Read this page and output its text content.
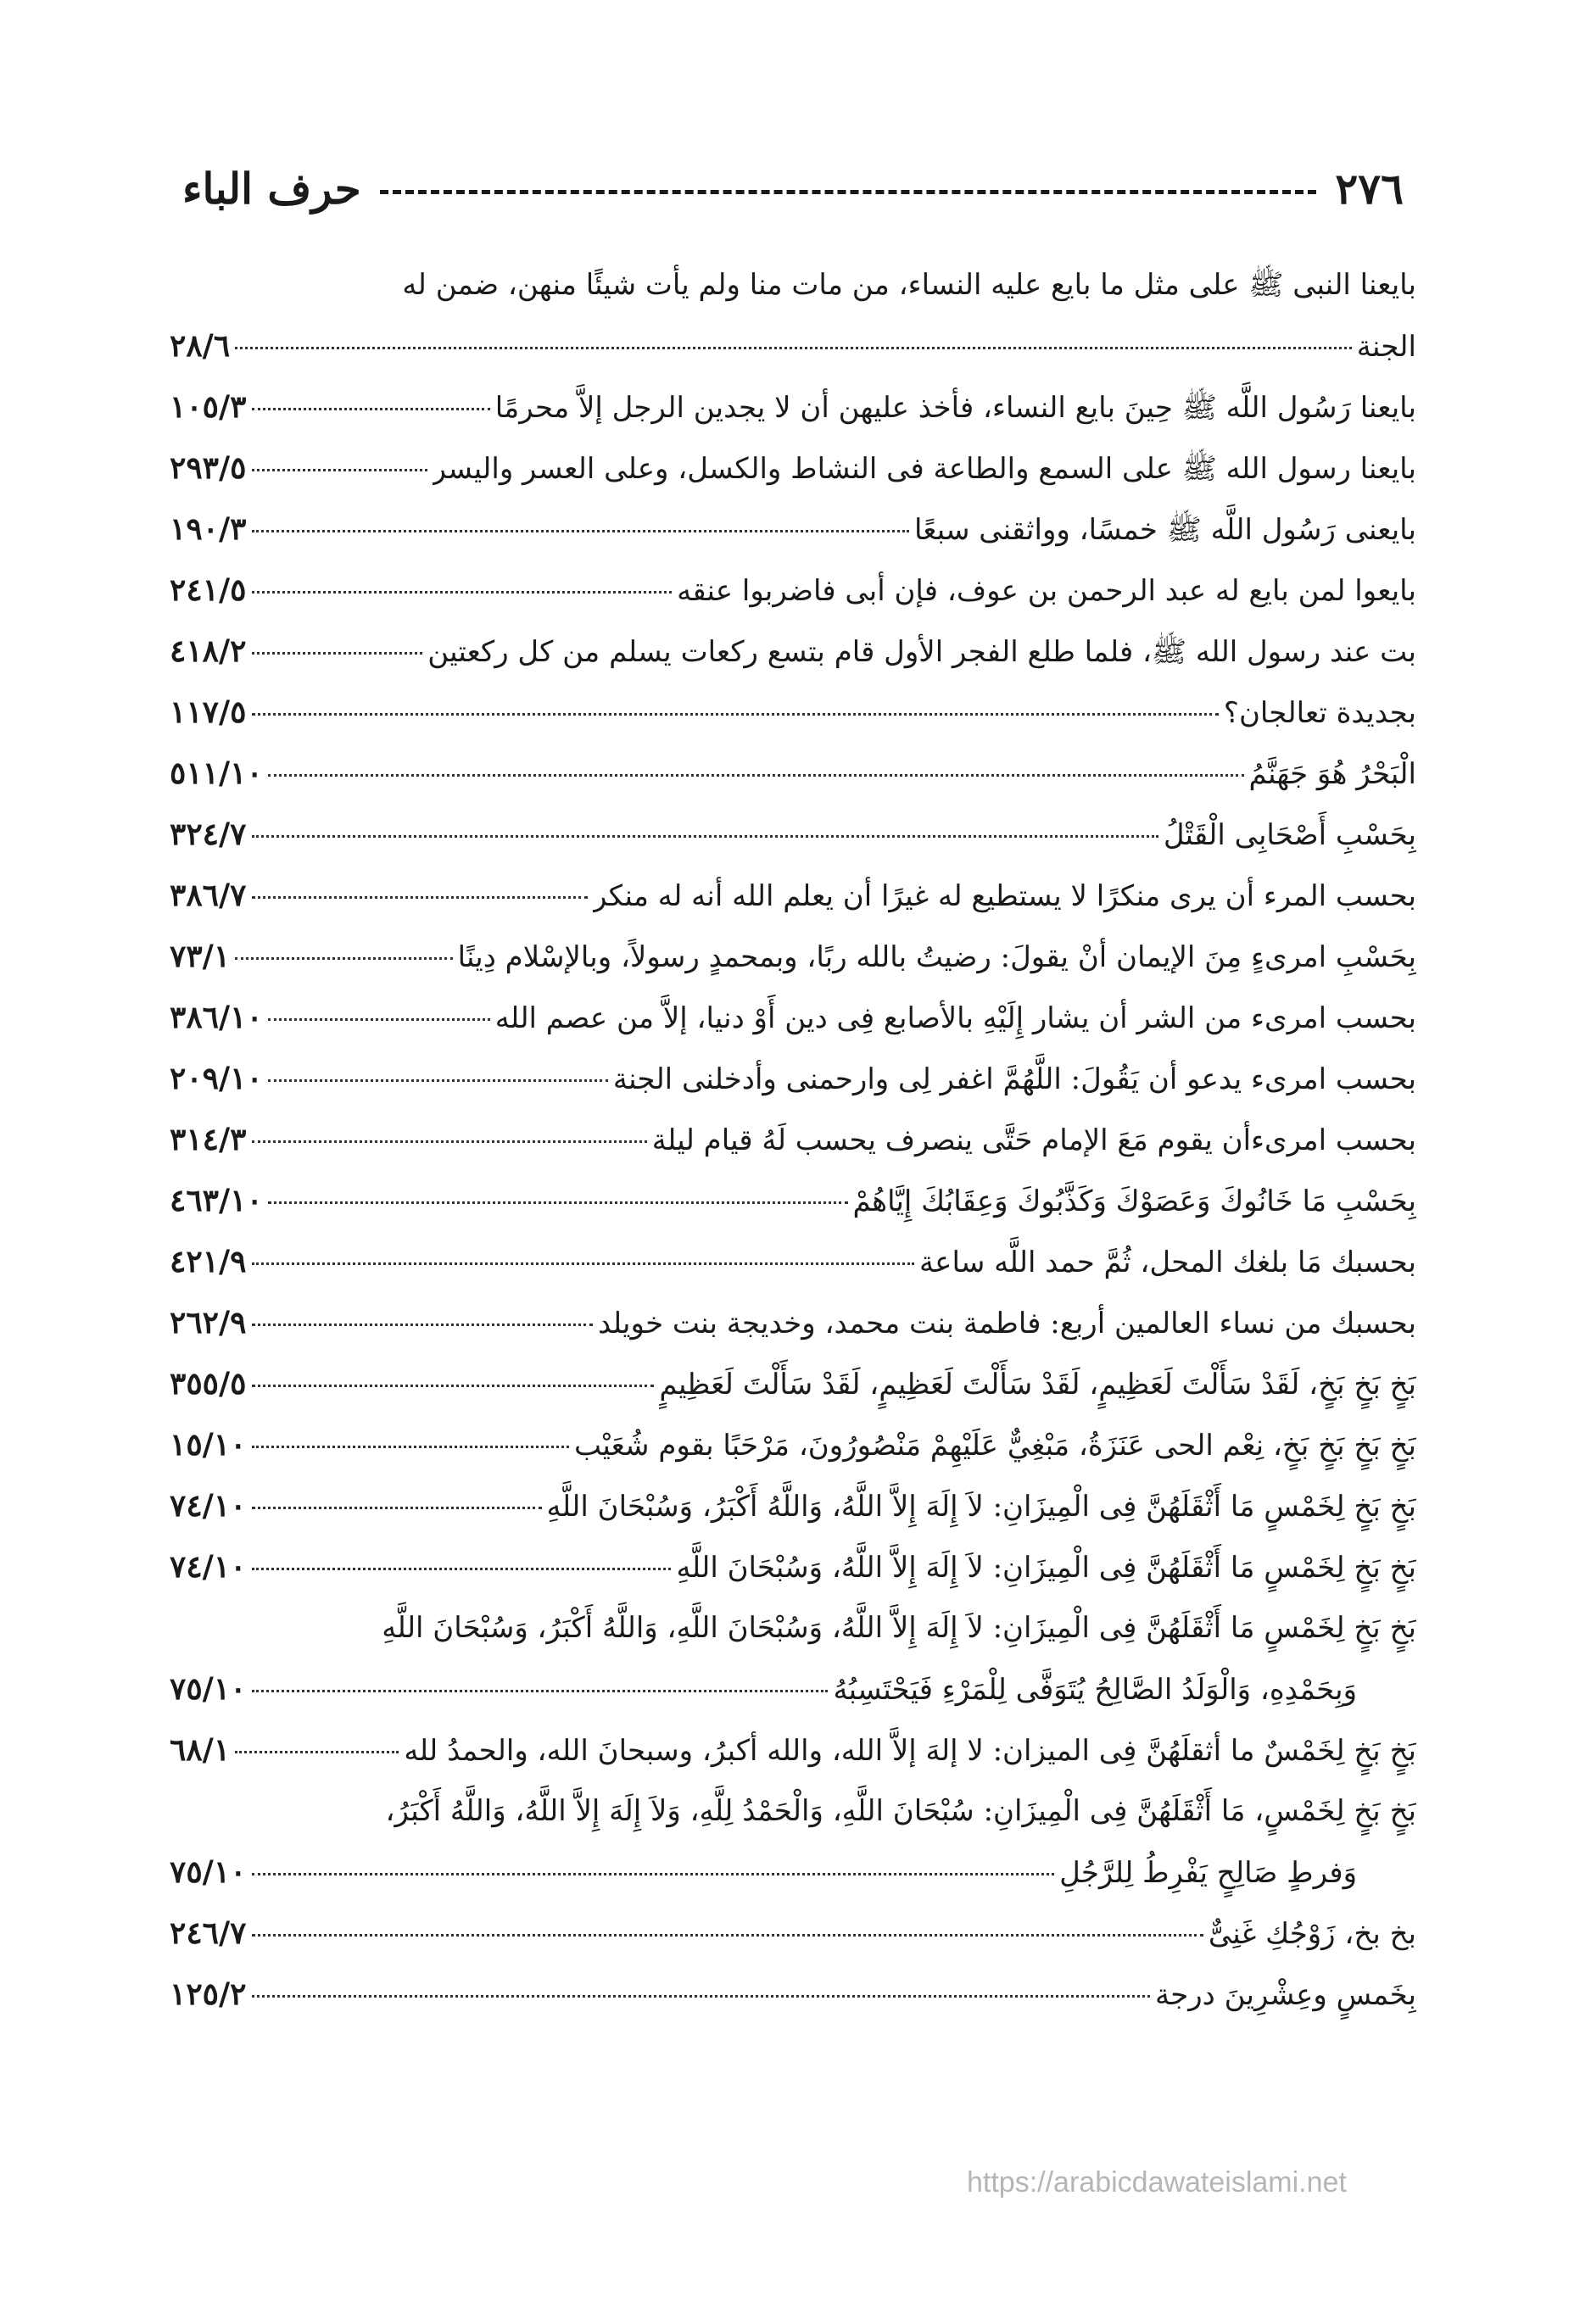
٢٧٦
حرف الباء
بايعنا النبى ﷺ على مثل ما بايع عليه النساء، من مات منا ولم يأت شيئًا منهن، ضمن له
الجنة
٢٨/٦
بايعنا رَسُول اللَّه ﷺ حِينَ بايع النساء، فأخذ عليهن أن لا يجدين الرجل إلاَّ محرمًا
١٠٥/٣
بايعنا رسول الله ﷺ على السمع والطاعة فى النشاط والكسل، وعلى العسر واليسر
٢٩٣/٥
بايعنى رَسُول اللَّه ﷺ خمسًا، وواثقنى سبعًا
١٩٠/٣
بايعوا لمن بايع له عبد الرحمن بن عوف، فإن أبى فاضربوا عنقه
٢٤١/٥
بت عند رسول الله ﷺ، فلما طلع الفجر الأول قام بتسع ركعات يسلم من كل ركعتين
٤١٨/٢
بجديدة تعالجان؟
١١٧/٥
الْبَحْرُ هُوَ جَهَنَّمُ
٥١١/١٠
بِحَسْبِ أَصْحَابِى الْقَتْلُ
٣٢٤/٧
بحسب المرء أن يرى منكرًا لا يستطيع له غيرًا أن يعلم الله أنه له منكر
٣٨٦/٧
بِحَسْبِ امرىءٍ مِنَ الإيمان أنْ يقولَ: رضيتُ بالله ربًا، وبمحمدٍ رسولاً، وبالإسْلام دِينًا
٧٣/١
بحسب امرىء من الشر أن يشار إِلَيْهِ بالأصابع فِى دين أَوْ دنيا، إلاَّ من عصم الله
٣٨٦/١٠
بحسب امرىء يدعو أن يَقُولَ: اللَّهُمَّ اغفر لِى وارحمنى وأدخلنى الجنة
٢٠٩/١٠
بحسب امرىءأن يقوم مَعَ الإمام حَتَّى ينصرف يحسب لَهُ قيام ليلة
٣١٤/٣
بِحَسْبِ مَا خَانُوكَ وَعَصَوْكَ وَكَذَّبُوكَ وَعِقَابُكَ إِيَّاهُمْ
٤٦٣/١٠
بحسبك مَا بلغك المحل، ثُمَّ حمد اللَّه ساعة
٤٢١/٩
بحسبك من نساء العالمين أربع: فاطمة بنت محمد، وخديجة بنت خويلد
٢٦٢/٩
بَخٍ بَخٍ بَخٍ، لَقَدْ سَأَلْتَ لَعَظِيمٍ، لَقَدْ سَأَلْتَ لَعَظِيمٍ، لَقَدْ سَأَلْتَ لَعَظِيمٍ
٣٥٥/٥
بَخٍ بَخٍ بَخٍ بَخٍ، نِعْم الحى عَنَزَةُ، مَبْغِيٌّ عَلَيْهِمْ مَنْصُورُونَ، مَرْحَبًا بقوم شُعَيْب
١٥/١٠
بَخٍ بَخٍ لِخَمْسٍ مَا أَثْقَلَهُنَّ فِى الْمِيزَانِ: لاَ إِلَهَ إِلاَّ اللَّهُ، وَاللَّهُ أَكْبَرُ، وَسُبْحَانَ اللَّهِ
٧٤/١٠
بَخٍ بَخٍ لِخَمْسٍ مَا أَثْقَلَهُنَّ فِى الْمِيزَانِ: لاَ إِلَهَ إِلاَّ اللَّهُ، وَسُبْحَانَ اللَّهِ
٧٤/١٠
بَخٍ بَخٍ لِخَمْسٍ مَا أَثْقَلَهُنَّ فِى الْمِيزَانِ: لاَ إِلَهَ إِلاَّ اللَّهُ، وَسُبْحَانَ اللَّهِ، وَاللَّهُ أَكْبَرُ، وَسُبْحَانَ اللَّهِ
وَبِحَمْدِهِ، وَالْوَلَدُ الصَّالِحُ يُتَوَفَّى لِلْمَرْءِ فَيَحْتَسِبُهُ
٧٥/١٠
بَخٍ بَخٍ لِخَمْسٌ ما أثقلَهُنَّ فِى الميزان: لا إلهَ إلاَّ الله، والله أكبرُ، وسبحانَ الله، والحمدُ لله
٦٨/١
بَخٍ بَخٍ لِخَمْسٍ، مَا أَثْقَلَهُنَّ فِى الْمِيزَانِ: سُبْحَانَ اللَّهِ، وَالْحَمْدُ لِلَّهِ، وَلاَ إِلَهَ إِلاَّ اللَّهُ، وَاللَّهُ أَكْبَرُ،
وَفرطٍ صَالِحٍ يَفْرِطُ لِلرَّجُلِ
٧٥/١٠
بخ بخ، زَوْجُكِ غَنِىٌّ
٢٤٦/٧
بِخَمسٍ وعِشْرِينَ درجة
١٢٥/٢
https://arabicdawateislami.net
